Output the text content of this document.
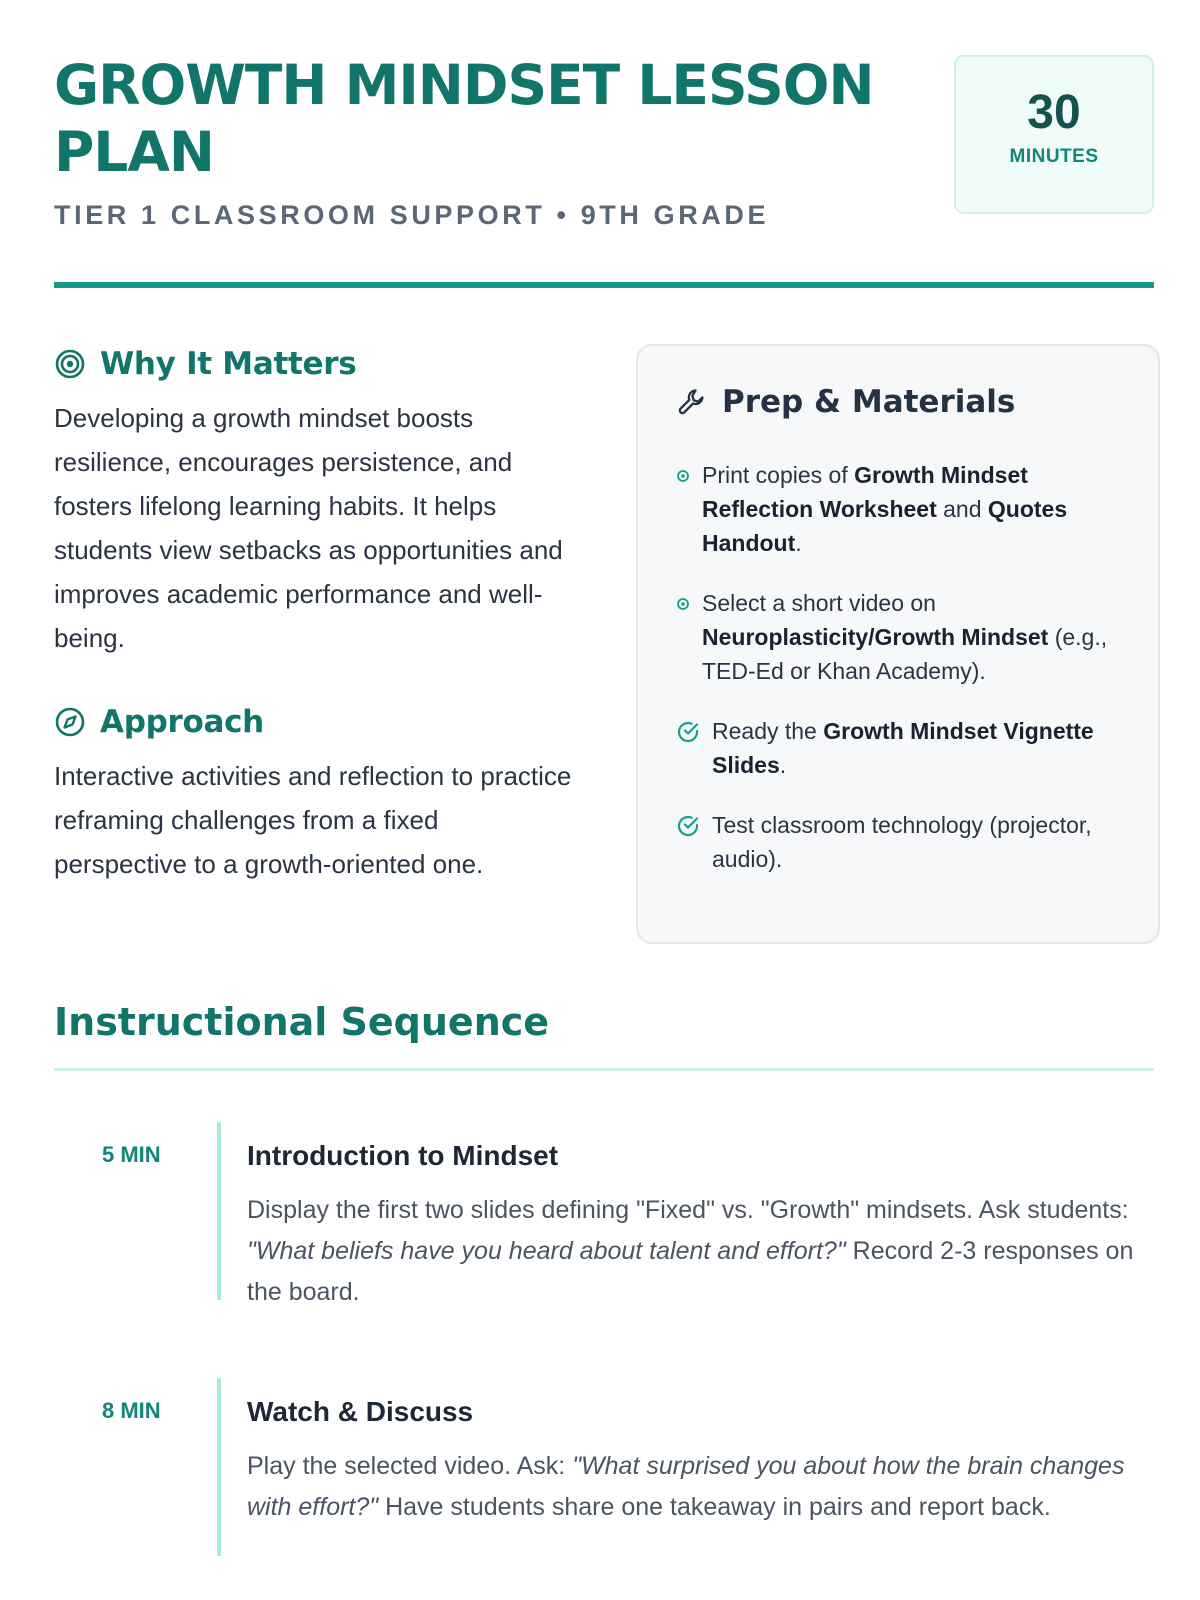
GROWTH MINDSET LESSON PLAN
TIER 1 CLASSROOM SUPPORT • 9TH GRADE
30
MINUTES
Why It Matters

Developing a growth mindset boosts resilience, encourages persistence, and fosters lifelong learning habits. It helps students view setbacks as opportunities and improves academic performance and well-being.

Approach

Interactive activities and reflection to practice reframing challenges from a fixed perspective to a growth-oriented one.

Prep & Materials
Print copies of Growth Mindset Reflection Worksheet and Quotes Handout.
Select a short video on Neuroplasticity/Growth Mindset (e.g., TED-Ed or Khan Academy).
Ready the Growth Mindset Vignette Slides.
Test classroom technology (projector, audio).
Instructional Sequence
5 MIN	Introduction to Mindset

Display the first two slides defining "Fixed" vs. "Growth" mindsets. Ask students: "What beliefs have you heard about talent and effort?" Record 2-3 responses on the board.

8 MIN	Watch & Discuss

Play the selected video. Ask: "What surprised you about how the brain changes with effort?" Have students share one takeaway in pairs and report back.
